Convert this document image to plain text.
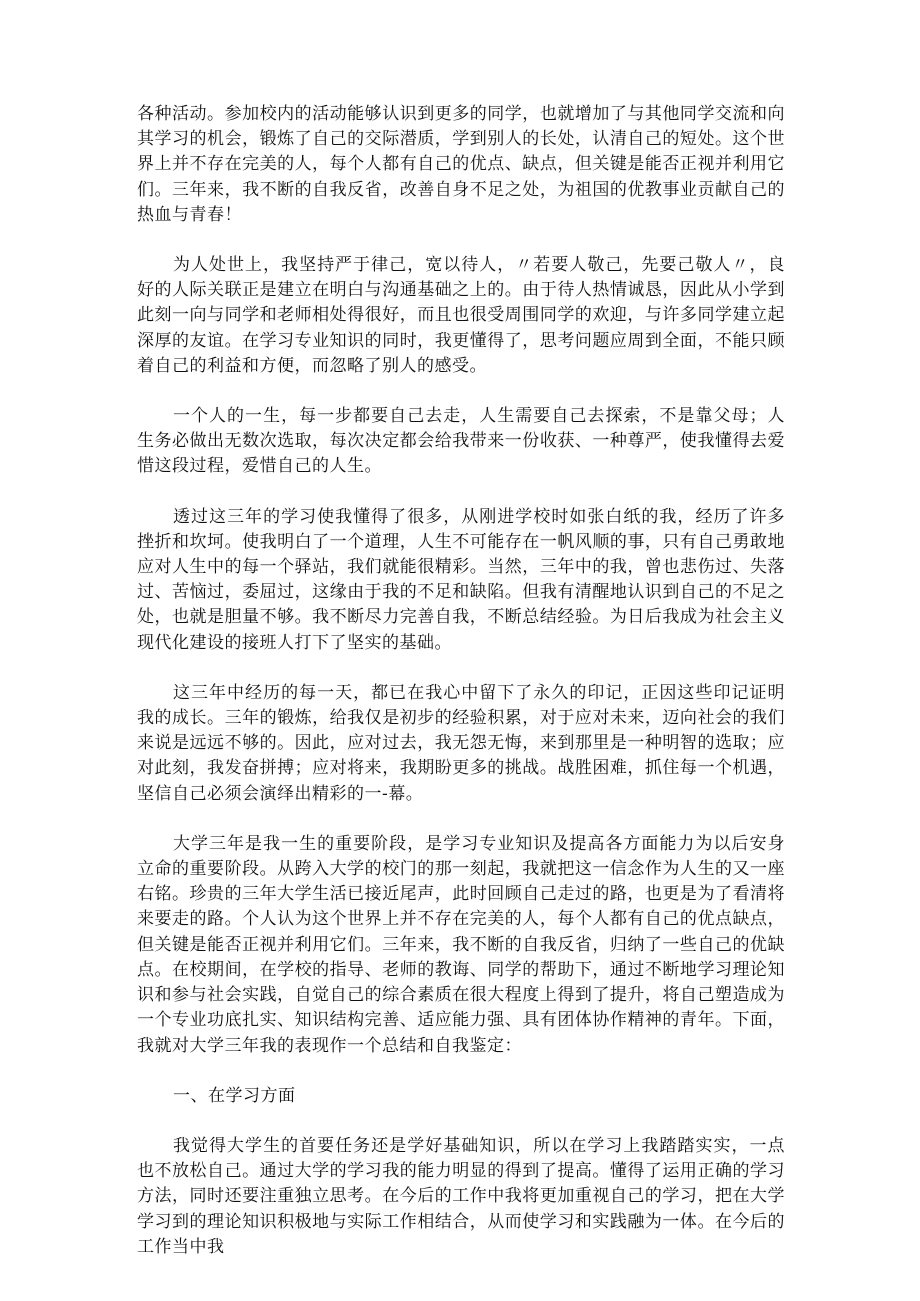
各种活动。参加校内的活动能够认识到更多的同学，也就增加了与其他同学交流和向其学习的机会，锻炼了自己的交际潜质，学到别人的长处，认清自己的短处。这个世界上并不存在完美的人，每个人都有自己的优点、缺点，但关键是能否正视并利用它们。三年来，我不断的自我反省，改善自身不足之处，为祖国的优教事业贡献自己的热血与青春！

为人处世上，我坚持严于律己，宽以待人，〃若要人敬己，先要己敬人〃，良好的人际关联正是建立在明白与沟通基础之上的。由于待人热情诚恳，因此从小学到此刻一向与同学和老师相处得很好，而且也很受周围同学的欢迎，与许多同学建立起深厚的友谊。在学习专业知识的同时，我更懂得了，思考问题应周到全面，不能只顾着自己的利益和方便，而忽略了别人的感受。

一个人的一生，每一步都要自己去走，人生需要自己去探索，不是靠父母；人生务必做出无数次选取，每次决定都会给我带来一份收获、一种尊严，使我懂得去爱惜这段过程，爱惜自己的人生。

透过这三年的学习使我懂得了很多，从刚进学校时如张白纸的我，经历了许多挫折和坎坷。使我明白了一个道理，人生不可能存在一帆风顺的事，只有自己勇敢地应对人生中的每一个驿站，我们就能很精彩。当然，三年中的我，曾也悲伤过、失落过、苦恼过，委屈过，这缘由于我的不足和缺陷。但我有清醒地认识到自己的不足之处，也就是胆量不够。我不断尽力完善自我，不断总结经验。为日后我成为社会主义现代化建设的接班人打下了坚实的基础。

这三年中经历的每一天，都已在我心中留下了永久的印记，正因这些印记证明我的成长。三年的锻炼，给我仅是初步的经验积累，对于应对未来，迈向社会的我们来说是远远不够的。因此，应对过去，我无怨无悔，来到那里是一种明智的选取；应对此刻，我发奋拼搏；应对将来，我期盼更多的挑战。战胜困难，抓住每一个机遇，坚信自己必须会演绎出精彩的一-幕。

大学三年是我一生的重要阶段，是学习专业知识及提高各方面能力为以后安身立命的重要阶段。从跨入大学的校门的那一刻起，我就把这一信念作为人生的又一座右铭。珍贵的三年大学生活已接近尾声，此时回顾自己走过的路，也更是为了看清将来要走的路。个人认为这个世界上并不存在完美的人，每个人都有自己的优点缺点，但关键是能否正视并利用它们。三年来，我不断的自我反省，归纳了一些自己的优缺点。在校期间，在学校的指导、老师的教诲、同学的帮助下，通过不断地学习理论知识和参与社会实践，自觉自己的综合素质在很大程度上得到了提升，将自己塑造成为一个专业功底扎实、知识结构完善、适应能力强、具有团体协作精神的青年。下面，我就对大学三年我的表现作一个总结和自我鉴定：

一、在学习方面

我觉得大学生的首要任务还是学好基础知识，所以在学习上我踏踏实实，一点也不放松自己。通过大学的学习我的能力明显的得到了提高。懂得了运用正确的学习方法，同时还要注重独立思考。在今后的工作中我将更加重视自己的学习，把在大学学习到的理论知识积极地与实际工作相结合，从而使学习和实践融为一体。在今后的工作当中我
